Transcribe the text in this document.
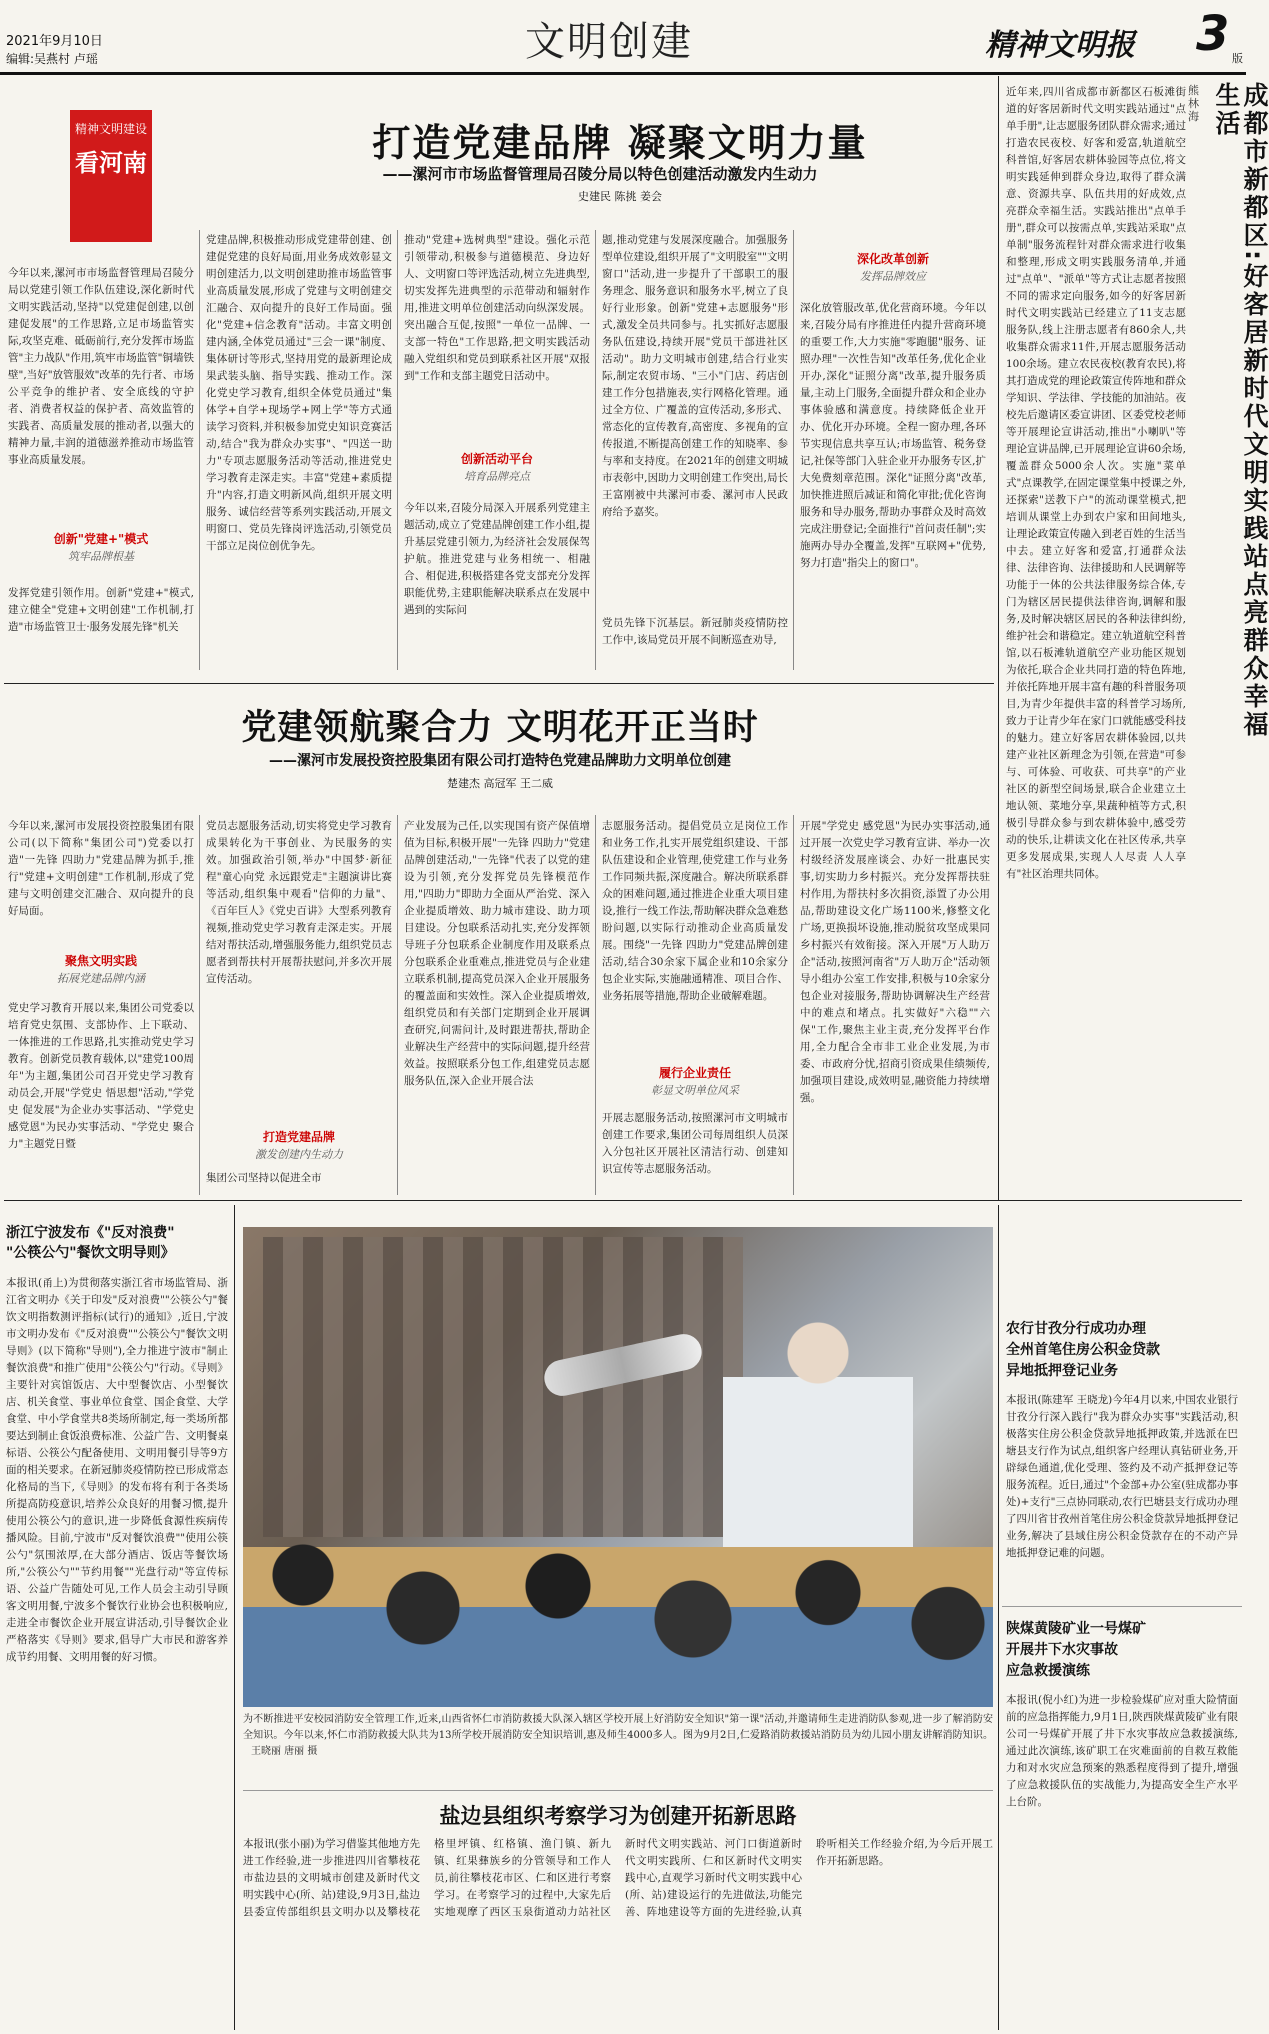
2021年9月10日
编辑:吴燕村 卢瑶	文明创建	精神文明报 3 版
精神文明建设
看河南	打造党建品牌 凝聚文明力量
——漯河市市场监督管理局召陵分局以特色创建活动激发内生动力
史建民 陈挑 姜会
今年以来,漯河市市场监督管理局召陵分局以党建引领工作队伍建设,深化新时代文明实践活动,坚持"以党建促创建,以创建促发展"的工作思路,立足市场监管实际,攻坚克难、砥砺前行,充分发挥市场监管"主力战队"作用,筑牢市场监管"铜墙铁壁",当好"放管服效"改革的先行者、市场公平竞争的维护者、安全底线的守护者、消费者权益的保护者、高效监管的实践者、高质量发展的推动者,以强大的精神力量,丰润的道德滋养推动市场监管事业高质量发展。
创新"党建+"模式
筑牢品牌根基
发挥党建引领作用。创新"党建+"模式,建立健全"党建+文明创建"工作机制,打造"市场监管卫士·服务发展先锋"机关
党建品牌,积极推动形成党建带创建、创建促党建的良好局面,用业务成效彰显文明创建活力,以文明创建助推市场监管事业高质量发展,形成了党建与文明创建交汇融合、双向提升的良好工作局面。强化"党建+信念教育"活动。丰富文明创建内涵,全体党员通过"三会一课"制度、集体研讨等形式,坚持用党的最新理论成果武装头脑、指导实践、推动工作。深化党史学习教育,组织全体党员通过"集体学+自学+现场学+网上学"等方式通读学习资料,并积极参加党史知识竞赛活动,结合"我为群众办实事"、"四送一助力"专项志愿服务活动等活动,推进党史学习教育走深走实。丰富"党建+素质提升"内容,打造文明新风尚,组织开展文明服务、诚信经营等系列实践活动,开展文明窗口、党员先锋岗评选活动,引领党员干部立足岗位创优争先。
推动"党建+选树典型"建设。强化示范引领带动,积极参与道德模范、身边好人、文明窗口等评选活动,树立先进典型,切实发挥先进典型的示范带动和辐射作用,推进文明单位创建活动向纵深发展。突出融合互促,按照"一单位一品牌、一支部一特色"工作思路,把文明实践活动融入党组织和党员到联系社区开展"双报到"工作和支部主题党日活动中。
创新活动平台
培育品牌亮点
今年以来,召陵分局深入开展系列党建主题活动,成立了党建品牌创建工作小组,提升基层党建引领力,为经济社会发展保驾护航。推进党建与业务相统一、相融合、相促进,积极搭建各党支部充分发挥职能优势,主建职能解决联系点在发展中遇到的实际问
题,推动党建与发展深度融合。加强服务型单位建设,组织开展了"文明股室""文明窗口"活动,进一步提升了干部职工的服务理念、服务意识和服务水平,树立了良好行业形象。创新"党建+志愿服务"形式,激发全员共同参与。扎实抓好志愿服务队伍建设,持续开展"党员干部进社区活动"。助力文明城市创建,结合行业实际,制定农贸市场、"三小"门店、药店创建工作分包措施表,实行网格化管理。通过全方位、广覆盖的宣传活动,多形式、常态化的宣传教育,高密度、多视角的宣传报道,不断提高创建工作的知晓率、参与率和支持度。在2021年的创建文明城市表彰中,因助力文明创建工作突出,局长王富刚被中共漯河市委、漯河市人民政府给予嘉奖。
党员先锋下沉基层。新冠肺炎疫情防控工作中,该局党员开展不间断巡查劝导,
深化改革创新
发挥品牌效应
深化放管服改革,优化营商环境。今年以来,召陵分局有序推进任内提升营商环境的重要工作,大力实施"零跑腿"服务、证照办理"一次性告知"改革任务,优化企业开办,深化"证照分离"改革,提升服务质量,主动上门服务,全面提升群众和企业办事体验感和满意度。持续降低企业开办、优化开办环境。全程一窗办理,各环节实现信息共享互认;市场监管、税务登记,社保等部门入驻企业开办服务专区,扩大免费刻章范围。深化"证照分离"改革,加快推进照后减证和简化审批;优化咨询服务和导办服务,帮助办事群众及时高效完成注册登记;全面推行"首问责任制";实施两办导办全覆盖,发挥"互联网+"优势,努力打造"指尖上的窗口"。
党建领航聚合力 文明花开正当时
——漯河市发展投资控股集团有限公司打造特色党建品牌助力文明单位创建
楚建杰 高冠军 王二威
今年以来,漯河市发展投资控股集团有限公司(以下简称"集团公司")党委以打造"一先锋 四助力"党建品牌为抓手,推行"党建+文明创建"工作机制,形成了党建与文明创建交汇融合、双向提升的良好局面。
聚焦文明实践
拓展党建品牌内涵
党史学习教育开展以来,集团公司党委以培育党史氛围、支部协作、上下联动、一体推进的工作思路,扎实推动党史学习教育。创新党员教育载体,以"建党100周年"为主题,集团公司召开党史学习教育动员会,开展"学党史 悟思想"活动,"学党史 促发展"为企业办实事活动、"学党史 感党恩"为民办实事活动、"学党史 聚合力"主题党日暨
党员志愿服务活动,切实将党史学习教育成果转化为干事创业、为民服务的实效。加强政治引领,举办"中国梦·新征程"童心向党 永远跟党走"主题演讲比赛等活动,组织集中观看"信仰的力量"、《百年巨人》《党史百讲》大型系列教育视频,推动党史学习教育走深走实。开展结对帮扶活动,增强服务能力,组织党员志愿者到帮扶村开展帮扶慰问,并多次开展宣传活动。
打造党建品牌
激发创建内生动力
集团公司坚持以促进全市
产业发展为己任,以实现国有资产保值增值为目标,积极开展"一先锋 四助力"党建品牌创建活动,"一先锋"代表了以党的建设为引领,充分发挥党员先锋模范作用,"四助力"即助力全面从严治党、深入企业提质增效、助力城市建设、助力项目建设。分包联系活动扎实,充分发挥领导班子分包联系企业制度作用及联系点分包联系企业重难点,推进党员与企业建立联系机制,提高党员深入企业开展服务的覆盖面和实效性。深入企业提质增效,组织党员和有关部门定期到企业开展调查研究,问需问计,及时跟进帮扶,帮助企业解决生产经营中的实际问题,提升经营效益。按照联系分包工作,组建党员志愿服务队伍,深入企业开展合法
志愿服务活动。提倡党员立足岗位工作和业务工作,扎实开展党组织建设、干部队伍建设和企业管理,使党建工作与业务工作同频共振,深度融合。解决所联系群众的困难问题,通过推进企业重大项目建设,推行一线工作法,帮助解决群众急难愁盼问题,以实际行动推动企业高质量发展。围绕"一先锋 四助力"党建品牌创建活动,结合30余家下属企业和10余家分包企业实际,实施融通精准、项目合作、业务拓展等措施,帮助企业破解难题。
履行企业责任
彰显文明单位风采
开展志愿服务活动,按照漯河市文明城市创建工作要求,集团公司每周组织人员深入分包社区开展社区清洁行动、创建知识宣传等志愿服务活动。
开展"学党史 感党恩"为民办实事活动,通过开展一次党史学习教育宣讲、举办一次村级经济发展座谈会、办好一批惠民实事,切实助力乡村振兴。充分发挥帮扶驻村作用,为帮扶村多次捐资,添置了办公用品,帮助建设文化广场1100米,修整文化广场,更换损坏设施,推动脱贫攻坚成果同乡村振兴有效衔接。深入开展"万人助万企"活动,按照河南省"万人助万企"活动领导小组办公室工作安排,积极与10余家分包企业对接服务,帮助协调解决生产经营中的难点和堵点。扎实做好"六稳""六保"工作,聚焦主业主责,充分发挥平台作用,全力配合全市非工业企业发展,为市委、市政府分忧,招商引资成果佳绩频传,加强项目建设,成效明显,融资能力持续增强。
成都市新都区:好客居新时代文明实践站点亮群众幸福生活
熊林海
近年来,四川省成都市新都区石板滩街道的好客居新时代文明实践站通过"点单手册",让志愿服务团队群众需求;通过打造农民夜校、好客和爱富,轨道航空科普馆,好客居农耕体验园等点位,将文明实践延伸到群众身边,取得了群众满意、资源共享、队伍共用的好成效,点亮群众幸福生活。实践站推出"点单手册",群众可以按需点单,实践站采取"点单制"服务流程针对群众需求进行收集和整理,形成文明实践服务清单,并通过"点单"、"派单"等方式让志愿者按照不同的需求定向服务,如今的好客居新时代文明实践站已经建立了11支志愿服务队,线上注册志愿者有860余人,共收集群众需求11件,开展志愿服务活动100余场。建立农民夜校(教育农民),将其打造成党的理论政策宣传阵地和群众学知识、学法律、学技能的加油站。夜校先后邀请区委宣讲团、区委党校老师等开展理论宣讲活动,推出"小喇叭"等理论宣讲品牌,已开展理论宣讲60余场,覆盖群众5000余人次。实施"菜单式"点课教学,在固定课堂集中授课之外,还探索"送教下户"的流动课堂模式,把培训从课堂上办到农户家和田间地头,让理论政策宣传融入到老百姓的生活当中去。建立好客和爱富,打通群众法律、法律咨询、法律援助和人民调解等功能于一体的公共法律服务综合体,专门为辖区居民提供法律咨询,调解和服务,及时解决辖区居民的各种法律纠纷,维护社会和谐稳定。建立轨道航空科普馆,以石板滩轨道航空产业功能区规划为依托,联合企业共同打造的特色阵地,并依托阵地开展丰富有趣的科普服务项目,为青少年提供丰富的科普学习场所,致力于让青少年在家门口就能感受科技的魅力。建立好客居农耕体验园,以共建产业社区新理念为引领,在营造"可参与、可体验、可收获、可共享"的产业社区的新型空间场景,联合企业建立土地认领、菜地分享,果蔬种植等方式,积极引导群众参与到农耕体验中,感受劳动的快乐,让耕读文化在社区传承,共享更多发展成果,实现人人尽责 人人享有"社区治理共同体。
浙江宁波发布《"反对浪费"
"公筷公勺"餐饮文明导则》
本报讯(甬上)为贯彻落实浙江省市场监管局、浙江省文明办《关于印发"反对浪费""公筷公勺"餐饮文明指数测评指标(试行)的通知》,近日,宁波市文明办发布《"反对浪费""公筷公勺"餐饮文明导则》(以下简称"导则"),全力推进宁波市"制止餐饮浪费"和推广使用"公筷公勺"行动。《导则》主要针对宾馆饭店、大中型餐饮店、小型餐饮店、机关食堂、事业单位食堂、国企食堂、大学食堂、中小学食堂共8类场所制定,每一类场所都要达到制止食饭浪费标准、公益广告、文明餐桌标语、公筷公勺配备使用、文明用餐引导等9方面的相关要求。在新冠肺炎疫情防控已形成常态化格局的当下,《导则》的发布将有利于各类场所提高防疫意识,培养公众良好的用餐习惯,提升使用公筷公勺的意识,进一步降低食源性疾病传播风险。目前,宁波市"反对餐饮浪费""使用公筷公勺"氛围浓厚,在大部分酒店、饭店等餐饮场所,"公筷公勺""节约用餐""光盘行动"等宣传标语、公益广告随处可见,工作人员会主动引导顾客文明用餐,宁波多个餐饮行业协会也积极响应,走进全市餐饮企业开展宣讲活动,引导餐饮企业严格落实《导则》要求,倡导广大市民和游客养成节约用餐、文明用餐的好习惯。
为不断推进平安校园消防安全管理工作,近来,山西省怀仁市消防救援大队深入辖区学校开展上好消防安全知识"第一课"活动,并邀请师生走进消防队参观,进一步了解消防安全知识。今年以来,怀仁市消防救援大队共为13所学校开展消防安全知识培训,惠及师生4000多人。图为9月2日,仁爱路消防救援站消防员为幼儿园小朋友讲解消防知识。 王晓丽 唐丽 摄
盐边县组织考察学习为创建开拓新思路
本报讯(张小丽)为学习借鉴其他地方先进工作经验,进一步推进四川省攀枝花市盐边县的文明城市创建及新时代文明实践中心(所、站)建设,9月3日,盐边县委宣传部组织县文明办以及攀枝花格里坪镇、红格镇、渔门镇、新九镇、红果彝族乡的分管领导和工作人员,前往攀枝花市区、仁和区进行考察学习。在考察学习的过程中,大家先后实地观摩了西区玉泉街道动力站社区新时代文明实践站、河门口街道新时代文明实践所、仁和区新时代文明实践中心,直观学习新时代文明实践中心(所、站)建设运行的先进做法,功能完善、阵地建设等方面的先进经验,认真聆听相关工作经验介绍,为今后开展工作开拓新思路。
农行甘孜分行成功办理
全州首笔住房公积金贷款
异地抵押登记业务
本报讯(陈建军 王晓龙)今年4月以来,中国农业银行甘孜分行深入践行"我为群众办实事"实践活动,积极落实住房公积金贷款异地抵押政策,并选派在巴塘县支行作为试点,组织客户经理认真钻研业务,开辟绿色通道,优化受理、签约及不动产抵押登记等服务流程。近日,通过"个金部+办公室(驻成都办事处)+支行"三点协同联动,农行巴塘县支行成功办理了四川省甘孜州首笔住房公积金贷款异地抵押登记业务,解决了县域住房公积金贷款存在的不动产异地抵押登记难的问题。
陕煤黄陵矿业一号煤矿
开展井下水灾事故
应急救援演练
本报讯(倪小红)为进一步检验煤矿应对重大险情面前的应急指挥能力,9月1日,陕西陕煤黄陵矿业有限公司一号煤矿开展了井下水灾事故应急救援演练,通过此次演练,该矿职工在灾难面前的自救互救能力和对水灾应急预案的熟悉程度得到了提升,增强了应急救援队伍的实战能力,为提高安全生产水平上台阶。
